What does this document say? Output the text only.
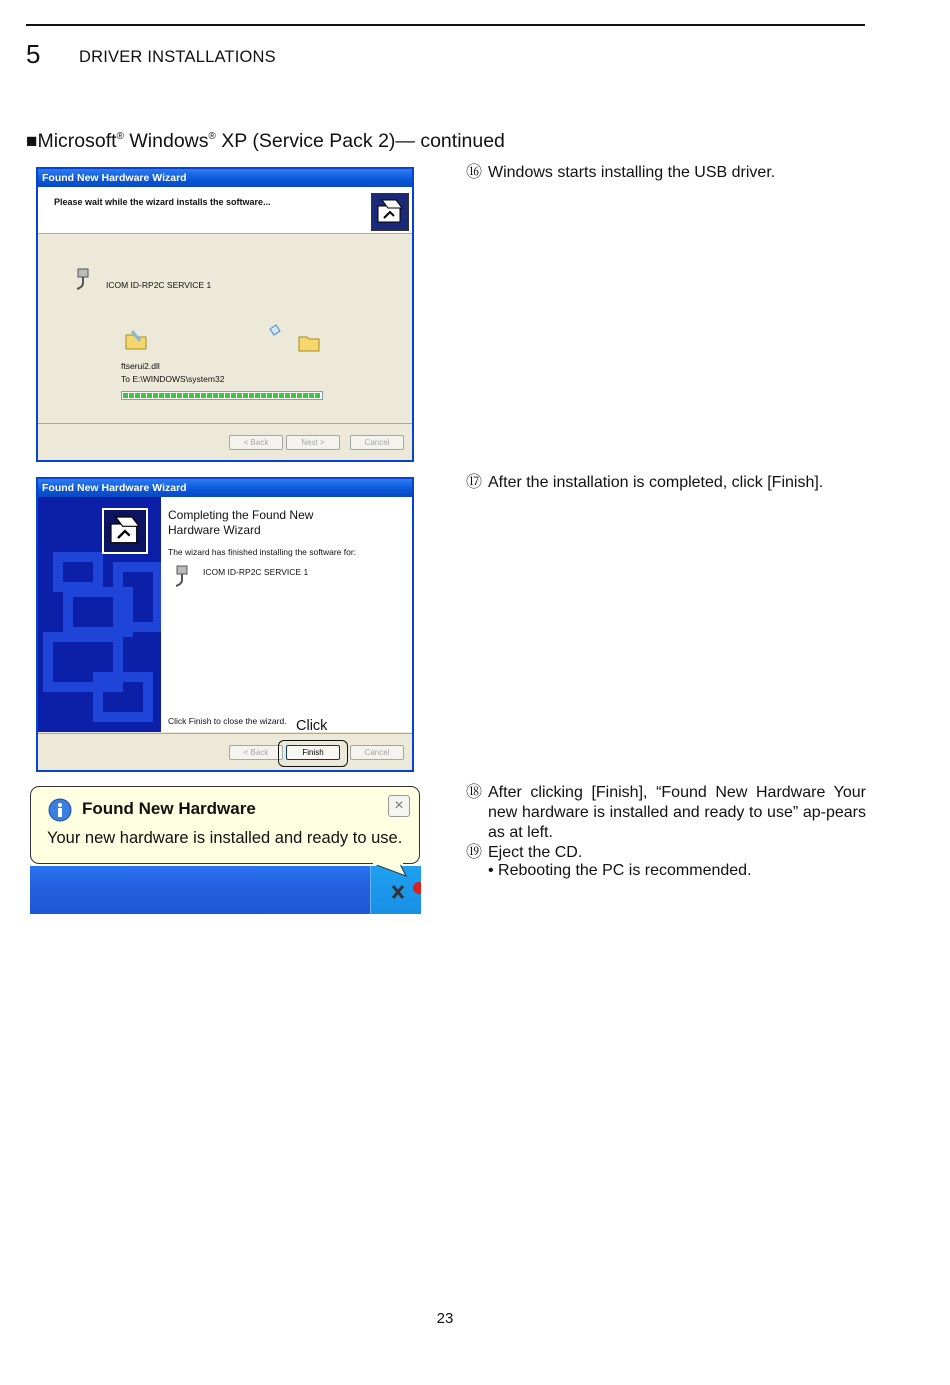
5 DRIVER INSTALLATIONS
■Microsoft® Windows® XP (Service Pack 2)— continued
Found New Hardware Wizard
Please wait while the wizard installs the software...
ICOM ID-RP2C SERVICE 1
ftserui2.dll
To E:\WINDOWS\system32
< Back	Next >	Cancel
Found New Hardware Wizard
Completing the Found New
Hardware Wizard
The wizard has finished installing the software for:
ICOM ID-RP2C SERVICE 1
Click Finish to close the wizard.
< Back	Finish	Cancel
Click
Found New Hardware
Your new hardware is installed and ready to use.
×
⑯ Windows starts installing the USB driver.
⑰ After the installation is completed, click [Finish].
⑱ After clicking [Finish], “Found New Hardware Your new hardware is installed and ready to use” ap-pears as at left.
⑲ Eject the CD.
• Rebooting the PC is recommended.
23
